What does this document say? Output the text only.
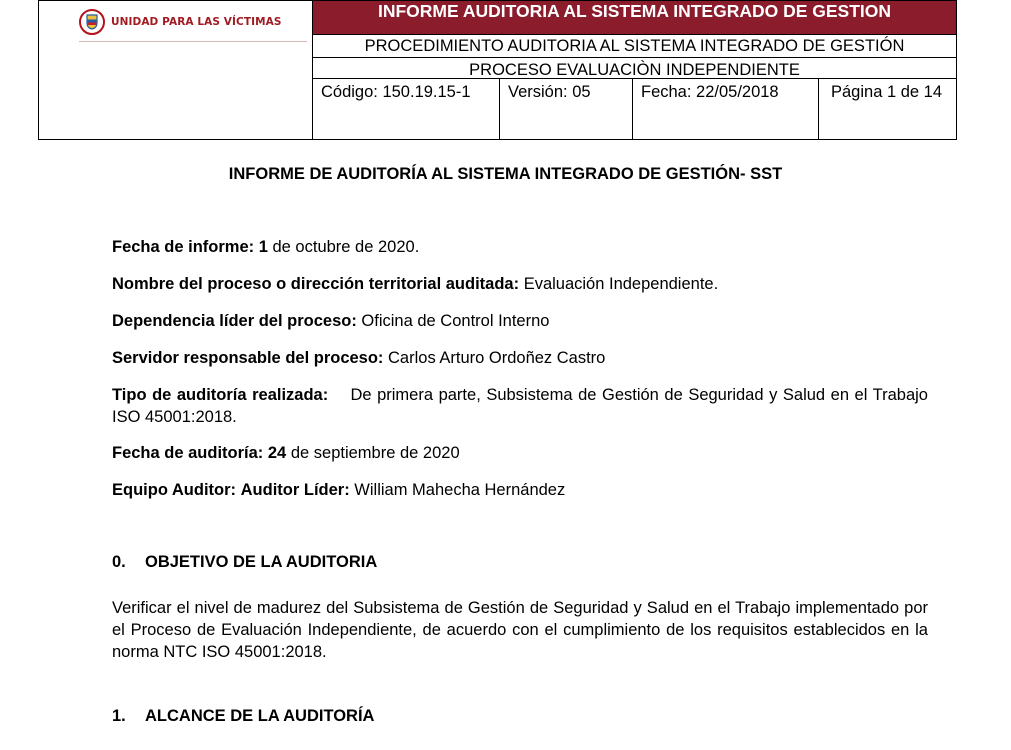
UNIDAD PARA LAS VÍCTIMAS

INFORME AUDITORIA AL SISTEMA INTEGRADO DE GESTION
PROCEDIMIENTO AUDITORIA AL SISTEMA INTEGRADO DE GESTIÓN
PROCESO EVALUACIÒN INDEPENDIENTE
Código: 150.19.15-1	Versión: 05	Fecha: 22/05/2018	Página 1 de 14
INFORME DE AUDITORÍA AL SISTEMA INTEGRADO DE GESTIÓN- SST
Fecha de informe: 1 de octubre de 2020.
Nombre del proceso o dirección territorial auditada: Evaluación Independiente.
Dependencia líder del proceso: Oficina de Control Interno
Servidor responsable del proceso: Carlos Arturo Ordoñez Castro
Tipo de auditoría realizada: De primera parte, Subsistema de Gestión de Seguridad y Salud en el Trabajo ISO 45001:2018.
Fecha de auditoría: 24 de septiembre de 2020
Equipo Auditor: Auditor Líder: William Mahecha Hernández
0. OBJETIVO DE LA AUDITORIA
Verificar el nivel de madurez del Subsistema de Gestión de Seguridad y Salud en el Trabajo implementado por el Proceso de Evaluación Independiente, de acuerdo con el cumplimiento de los requisitos establecidos en la norma NTC ISO 45001:2018.
1. ALCANCE DE LA AUDITORÍA
